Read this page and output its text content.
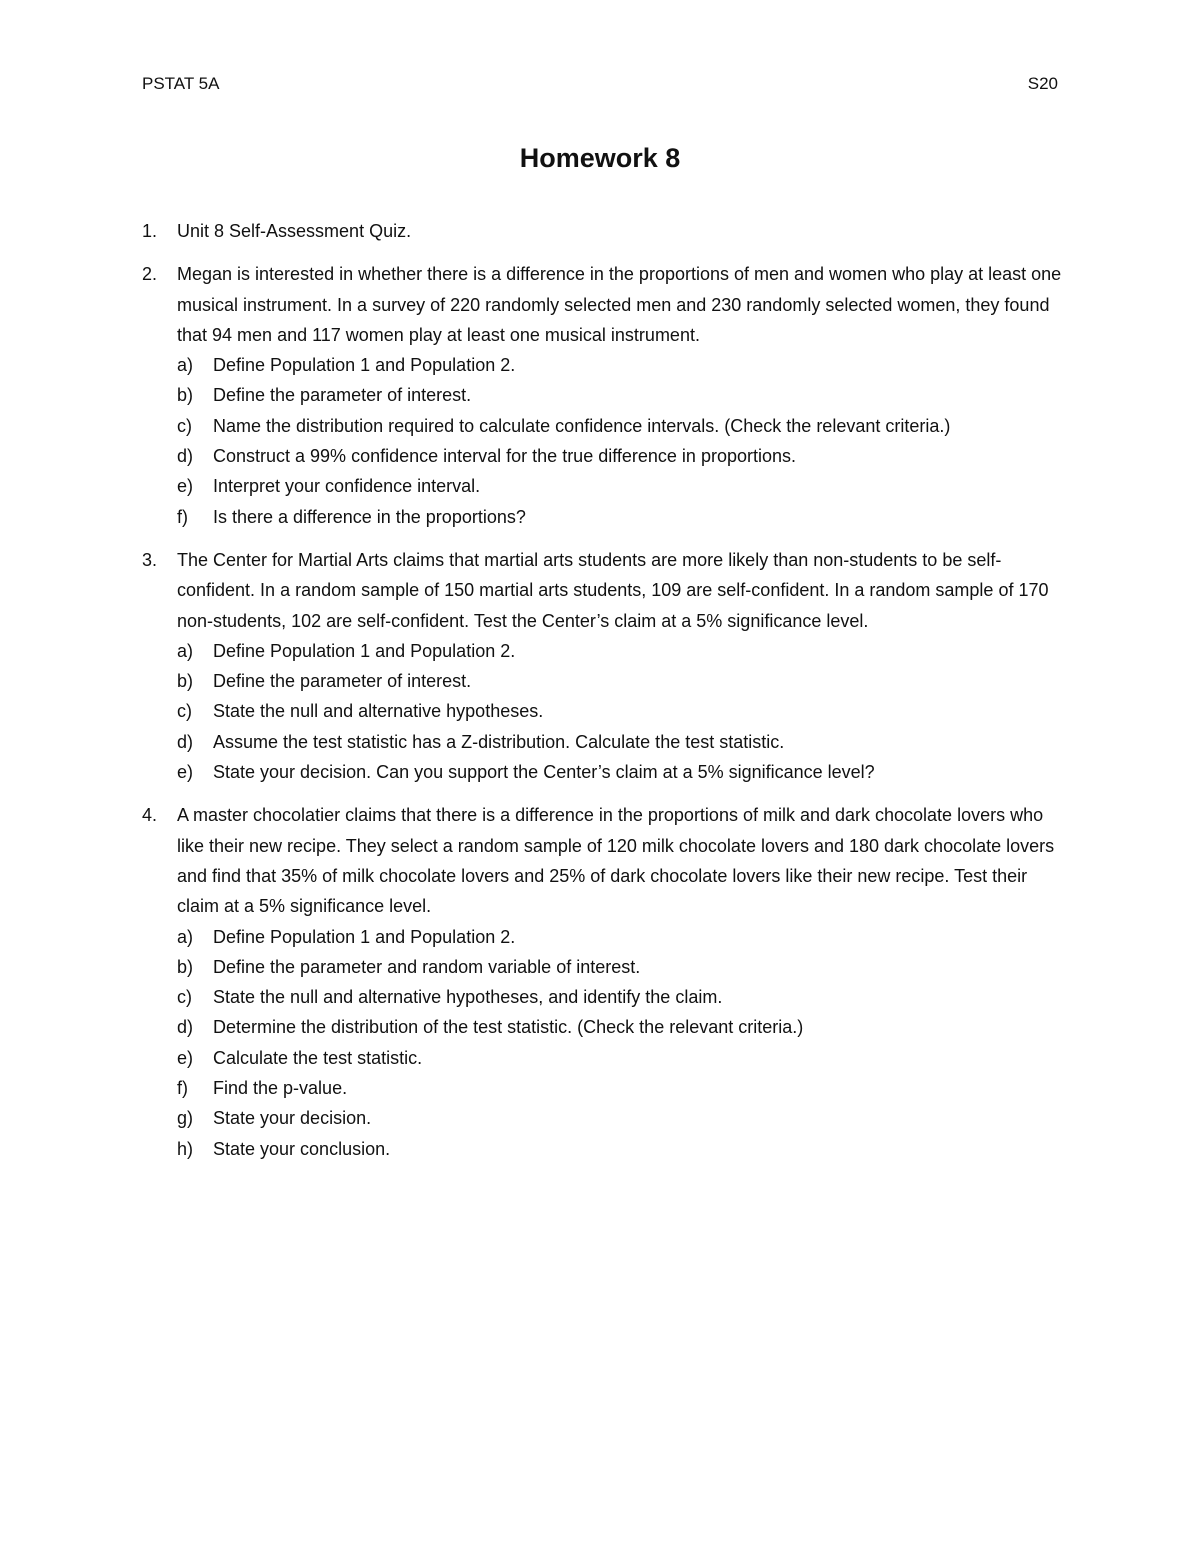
PSTAT 5A	S20
Homework 8
1. Unit 8 Self-Assessment Quiz.
2. Megan is interested in whether there is a difference in the proportions of men and women who play at least one musical instrument. In a survey of 220 randomly selected men and 230 randomly selected women, they found that 94 men and 117 women play at least one musical instrument.
a) Define Population 1 and Population 2.
b) Define the parameter of interest.
c) Name the distribution required to calculate confidence intervals. (Check the relevant criteria.)
d) Construct a 99% confidence interval for the true difference in proportions.
e) Interpret your confidence interval.
f) Is there a difference in the proportions?
3. The Center for Martial Arts claims that martial arts students are more likely than non-students to be self-confident. In a random sample of 150 martial arts students, 109 are self-confident. In a random sample of 170 non-students, 102 are self-confident. Test the Center’s claim at a 5% significance level.
a) Define Population 1 and Population 2.
b) Define the parameter of interest.
c) State the null and alternative hypotheses.
d) Assume the test statistic has a Z-distribution. Calculate the test statistic.
e) State your decision. Can you support the Center’s claim at a 5% significance level?
4. A master chocolatier claims that there is a difference in the proportions of milk and dark chocolate lovers who like their new recipe. They select a random sample of 120 milk chocolate lovers and 180 dark chocolate lovers and find that 35% of milk chocolate lovers and 25% of dark chocolate lovers like their new recipe. Test their claim at a 5% significance level.
a) Define Population 1 and Population 2.
b) Define the parameter and random variable of interest.
c) State the null and alternative hypotheses, and identify the claim.
d) Determine the distribution of the test statistic. (Check the relevant criteria.)
e) Calculate the test statistic.
f) Find the p-value.
g) State your decision.
h) State your conclusion.
